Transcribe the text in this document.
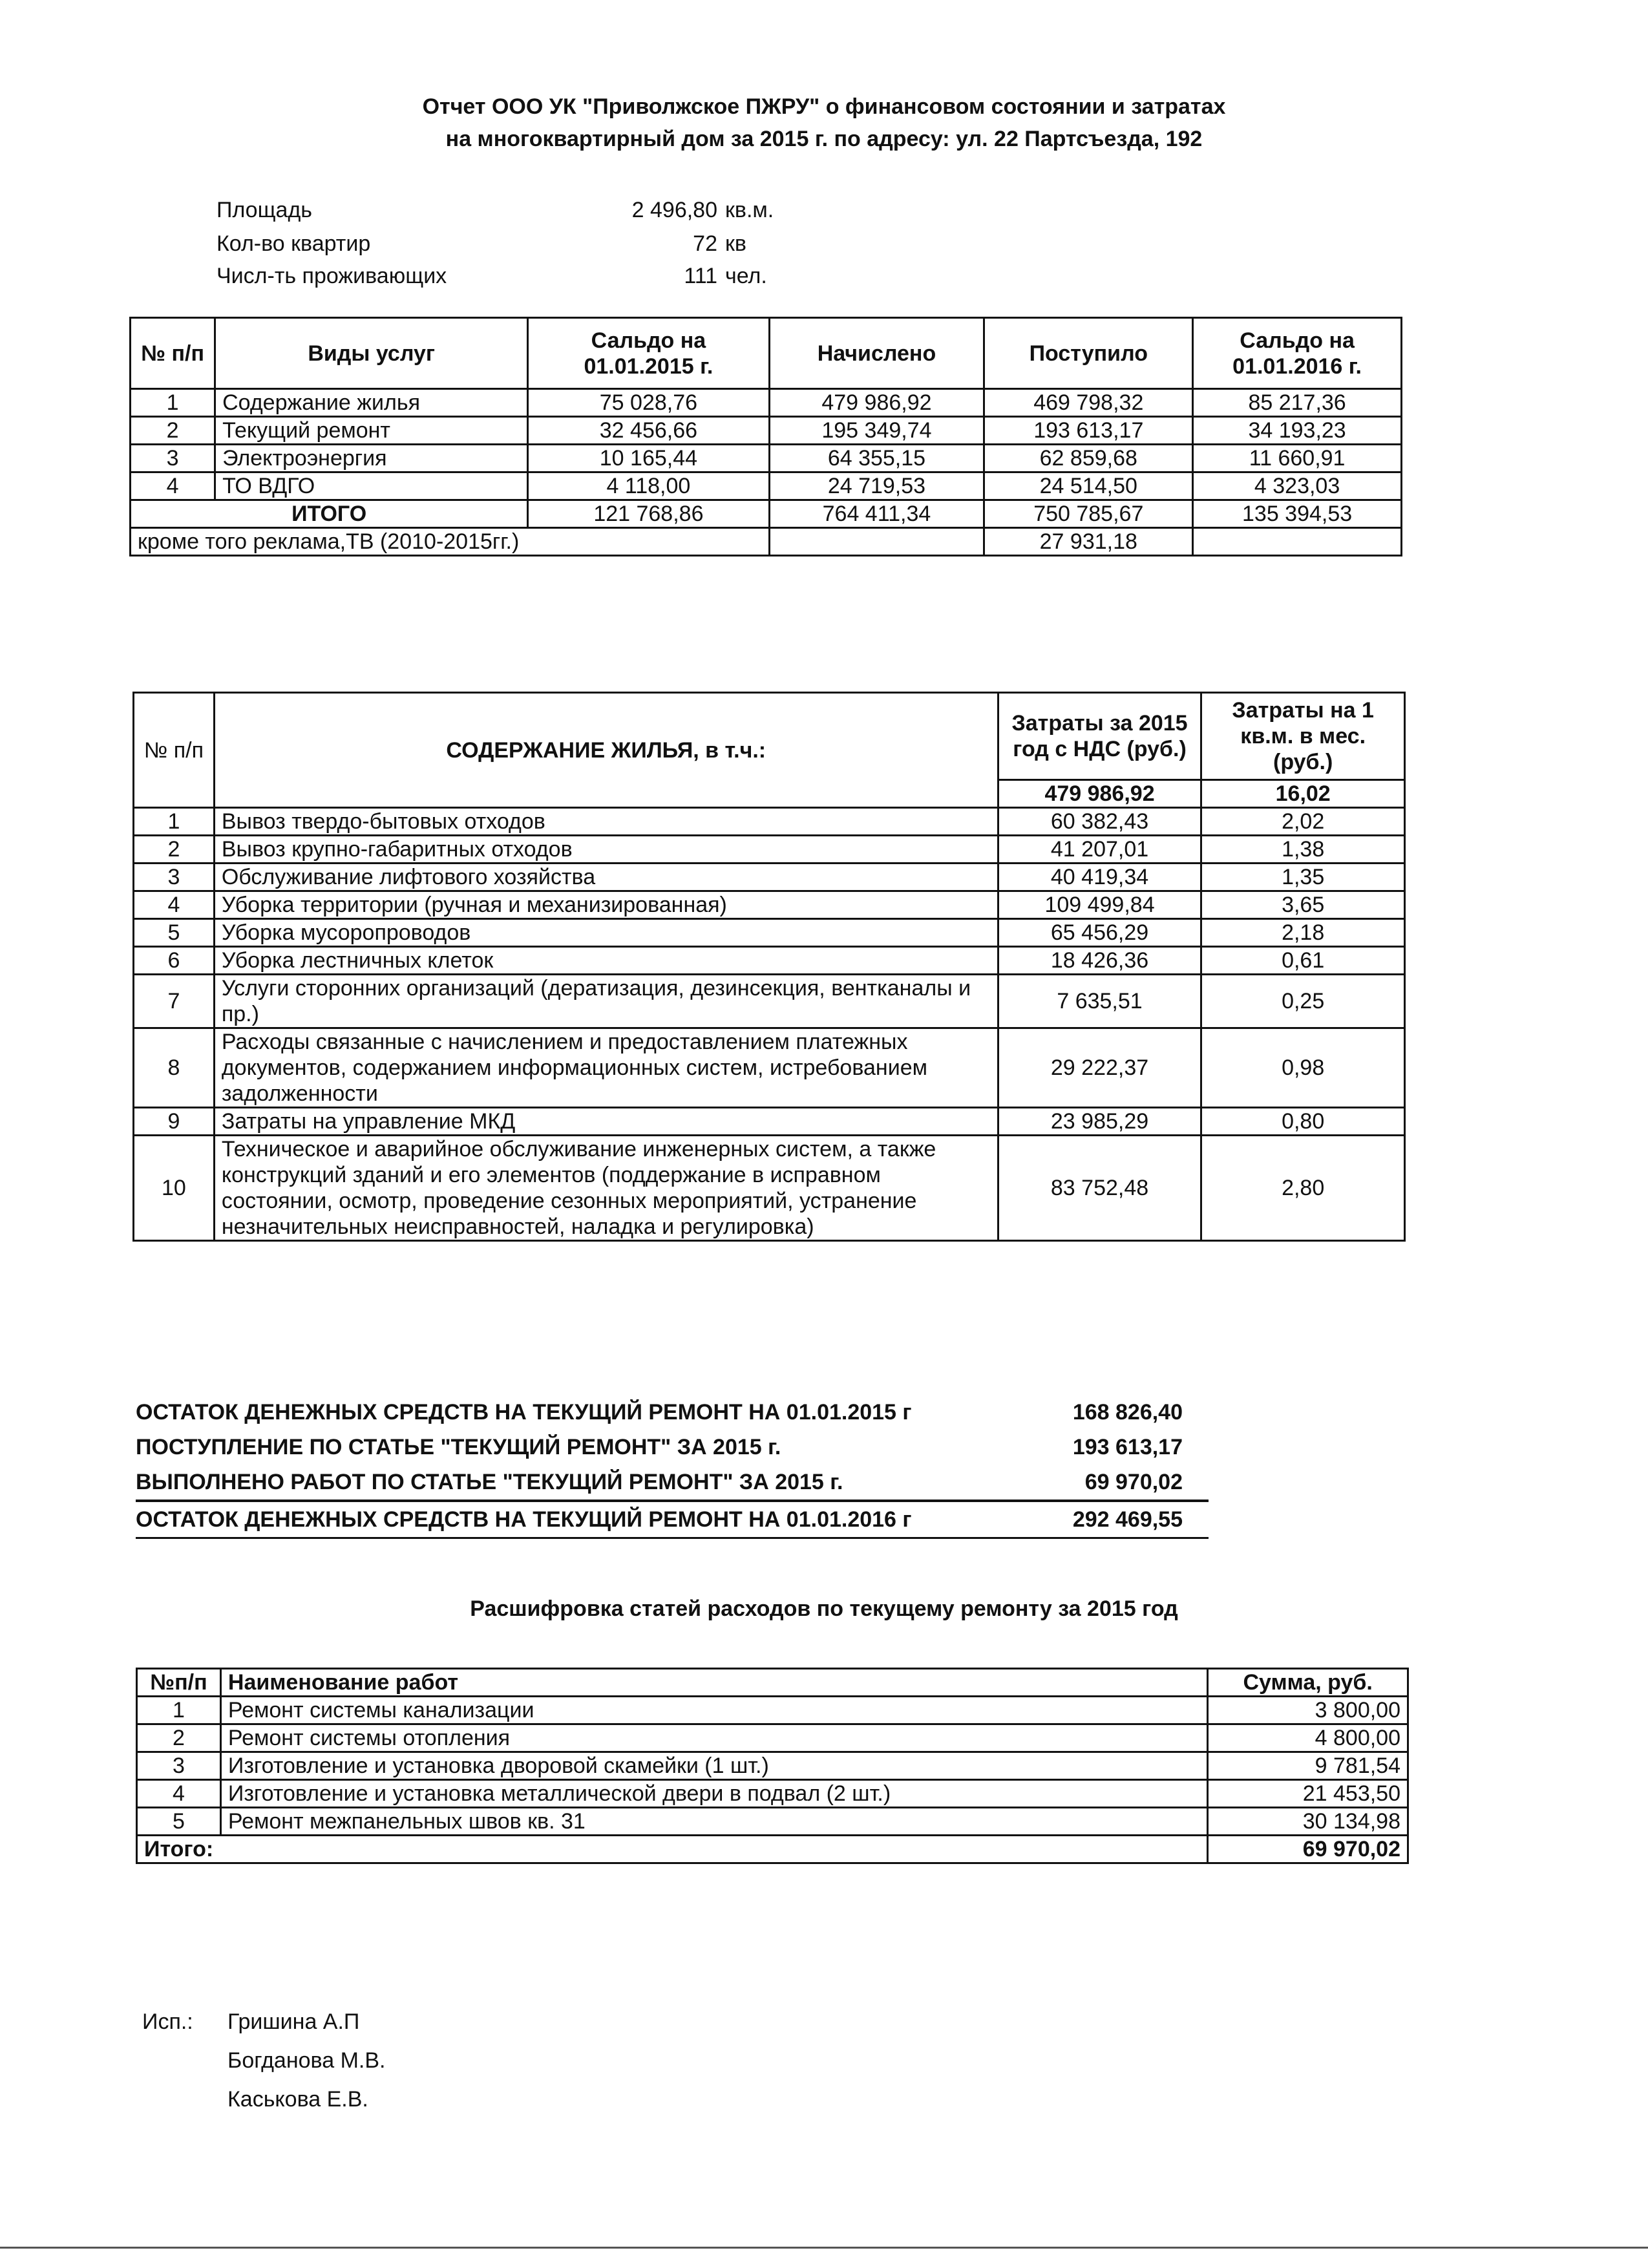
Отчет ООО УК "Приволжское ПЖРУ" о финансовом состоянии и затратах
на многоквартирный дом за 2015 г. по адресу: ул. 22 Партсъезда, 192
Площадь	2 496,80 кв.м.
Кол-во квартир	72 кв
Числ-ть проживающих	111 чел.
№ п/п	Виды услуг	Сальдо на 01.01.2015 г.	Начислено	Поступило	Сальдо на 01.01.2016 г.
1	Содержание жилья	75 028,76	479 986,92	469 798,32	85 217,36
2	Текущий ремонт	32 456,66	195 349,74	193 613,17	34 193,23
3	Электроэнергия	10 165,44	64 355,15	62 859,68	11 660,91
4	ТО ВДГО	4 118,00	24 719,53	24 514,50	4 323,03
ИТОГО		121 768,86	764 411,34	750 785,67	135 394,53
кроме того реклама,ТВ (2010-2015гг.)				27 931,18	
№ п/п	СОДЕРЖАНИЕ ЖИЛЬЯ, в т.ч.:	Затраты за 2015 год с НДС (руб.)	Затраты на 1 кв.м. в мес. (руб.)
		479 986,92	16,02
1	Вывоз твердо-бытовых отходов	60 382,43	2,02
2	Вывоз крупно-габаритных отходов	41 207,01	1,38
3	Обслуживание лифтового хозяйства	40 419,34	1,35
4	Уборка территории (ручная и механизированная)	109 499,84	3,65
5	Уборка мусоропроводов	65 456,29	2,18
6	Уборка лестничных клеток	18 426,36	0,61
7	Услуги сторонних организаций (дератизация, дезинсекция, вентканалы и пр.)	7 635,51	0,25
8	Расходы связанные с начислением и предоставлением платежных документов, содержанием информационных систем, истребованием задолженности	29 222,37	0,98
9	Затраты на управление МКД	23 985,29	0,80
10	Техническое и аварийное обслуживание инженерных систем, а также конструкций зданий и его элементов (поддержание в исправном состоянии, осмотр, проведение сезонных мероприятий, устранение незначительных неисправностей, наладка и регулировка)	83 752,48	2,80
ОСТАТОК ДЕНЕЖНЫХ СРЕДСТВ НА ТЕКУЩИЙ РЕМОНТ НА 01.01.2015 г	168 826,40
ПОСТУПЛЕНИЕ ПО СТАТЬЕ "ТЕКУЩИЙ РЕМОНТ" ЗА 2015 г.	193 613,17
ВЫПОЛНЕНО РАБОТ ПО СТАТЬЕ "ТЕКУЩИЙ РЕМОНТ" ЗА 2015 г.	69 970,02
ОСТАТОК ДЕНЕЖНЫХ СРЕДСТВ НА ТЕКУЩИЙ РЕМОНТ НА 01.01.2016 г	292 469,55
Расшифровка статей расходов по текущему ремонту за 2015 год
№п/п	Наименование работ	Сумма, руб.
1	Ремонт системы канализации	3 800,00
2	Ремонт системы отопления	4 800,00
3	Изготовление и установка дворовой скамейки (1 шт.)	9 781,54
4	Изготовление и установка металлической двери в подвал (2 шт.)	21 453,50
5	Ремонт межпанельных швов кв. 31	30 134,98
Итого:		69 970,02
Исп.: Гришина А.П
Богданова М.В.
Каськова Е.В.
